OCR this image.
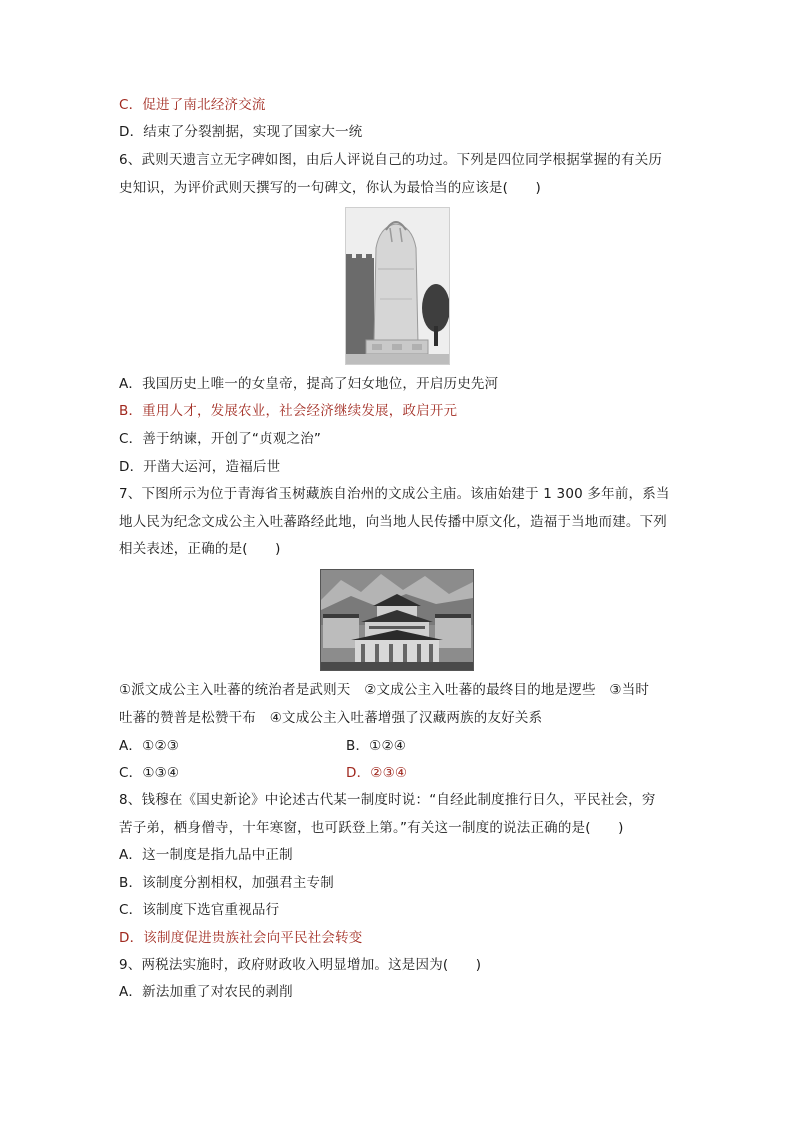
C．促进了南北经济交流
D．结束了分裂割据，实现了国家大一统
6、武则天遗言立无字碑如图，由后人评说自己的功过。下列是四位同学根据掌握的有关历
史知识，为评价武则天撰写的一句碑文，你认为最恰当的应该是(　　)
A．我国历史上唯一的女皇帝，提高了妇女地位，开启历史先河
B．重用人才，发展农业，社会经济继续发展，政启开元
C．善于纳谏，开创了“贞观之治”
D．开凿大运河，造福后世
7、下图所示为位于青海省玉树藏族自治州的文成公主庙。该庙始建于 1 300 多年前，系当
地人民为纪念文成公主入吐蕃路经此地，向当地人民传播中原文化，造福于当地而建。下列
相关表述，正确的是(　　)
①派文成公主入吐蕃的统治者是武则天　②文成公主入吐蕃的最终目的地是逻些　③当时
吐蕃的赞普是松赞干布　④文成公主入吐蕃增强了汉藏两族的友好关系
A．①②③	B．①②④
C．①③④	D．②③④
8、钱穆在《国史新论》中论述古代某一制度时说：“自经此制度推行日久，平民社会，穷
苦子弟，栖身僧寺，十年寒窗，也可跃登上第。”有关这一制度的说法正确的是(　　)
A．这一制度是指九品中正制
B．该制度分割相权，加强君主专制
C．该制度下选官重视品行
D．该制度促进贵族社会向平民社会转变
9、两税法实施时，政府财政收入明显增加。这是因为(　　)
A．新法加重了对农民的剥削
